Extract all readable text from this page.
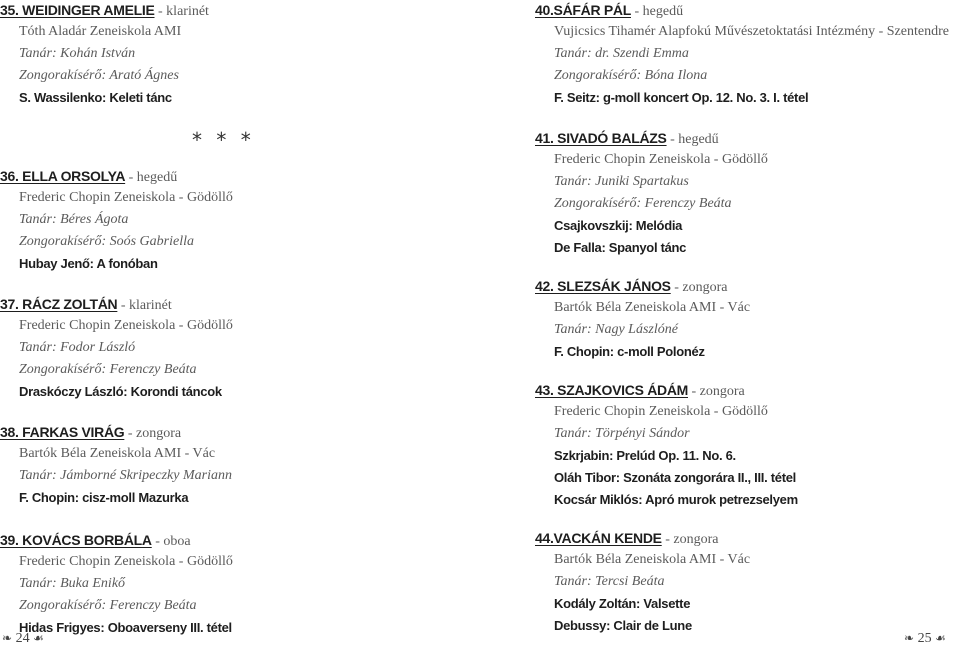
35. WEIDINGER AMELIE - klarinét
Tóth Aladár Zeneiskola AMI
Tanár: Kohán István
Zongorakísérő: Arató Ágnes
S. Wassilenko: Keleti tánc
* * *
36. ELLA ORSOLYA - hegedű
Frederic Chopin Zeneiskola - Gödöllő
Tanár: Béres Ágota
Zongorakísérő: Soós Gabriella
Hubay Jenő: A fonóban
37. RÁCZ ZOLTÁN - klarinét
Frederic Chopin Zeneiskola - Gödöllő
Tanár: Fodor László
Zongorakísérő: Ferenczy Beáta
Draskóczy László: Korondi táncok
38. FARKAS VIRÁG - zongora
Bartók Béla Zeneiskola AMI - Vác
Tanár: Jámborné Skripeczky Mariann
F. Chopin: cisz-moll Mazurka
39. KOVÁCS BORBÁLA - oboa
Frederic Chopin Zeneiskola - Gödöllő
Tanár: Buka Enikő
Zongorakísérő: Ferenczy Beáta
Hidas Frigyes: Oboaverseny III. tétel
❧ 24 ☙
40.SÁFÁR PÁL - hegedű
Vujicsics Tihamér Alapfokú Művészetoktatási Intézmény - Szentendre
Tanár: dr. Szendi Emma
Zongorakísérő: Bóna Ilona
F. Seitz: g-moll koncert Op. 12. No. 3. I. tétel
41. SIVADÓ BALÁZS - hegedű
Frederic Chopin Zeneiskola - Gödöllő
Tanár: Juniki Spartakus
Zongorakísérő: Ferenczy Beáta
Csajkovszkij: Melódia
De Falla: Spanyol tánc
42. SLEZSÁK JÁNOS - zongora
Bartók Béla Zeneiskola AMI - Vác
Tanár: Nagy Lászlóné
F. Chopin: c-moll Polonéz
43. SZAJKOVICS ÁDÁM - zongora
Frederic Chopin Zeneiskola - Gödöllő
Tanár: Törpényi Sándor
Szkrjabin: Prelúd Op. 11. No. 6.
Oláh Tibor: Szonáta zongorára II., III. tétel
Kocsár Miklós: Apró murok petrezselyem
44.VACKÁN KENDE - zongora
Bartók Béla Zeneiskola AMI - Vác
Tanár: Tercsi Beáta
Kodály Zoltán: Valsette
Debussy: Clair de Lune
❧ 25 ☙
